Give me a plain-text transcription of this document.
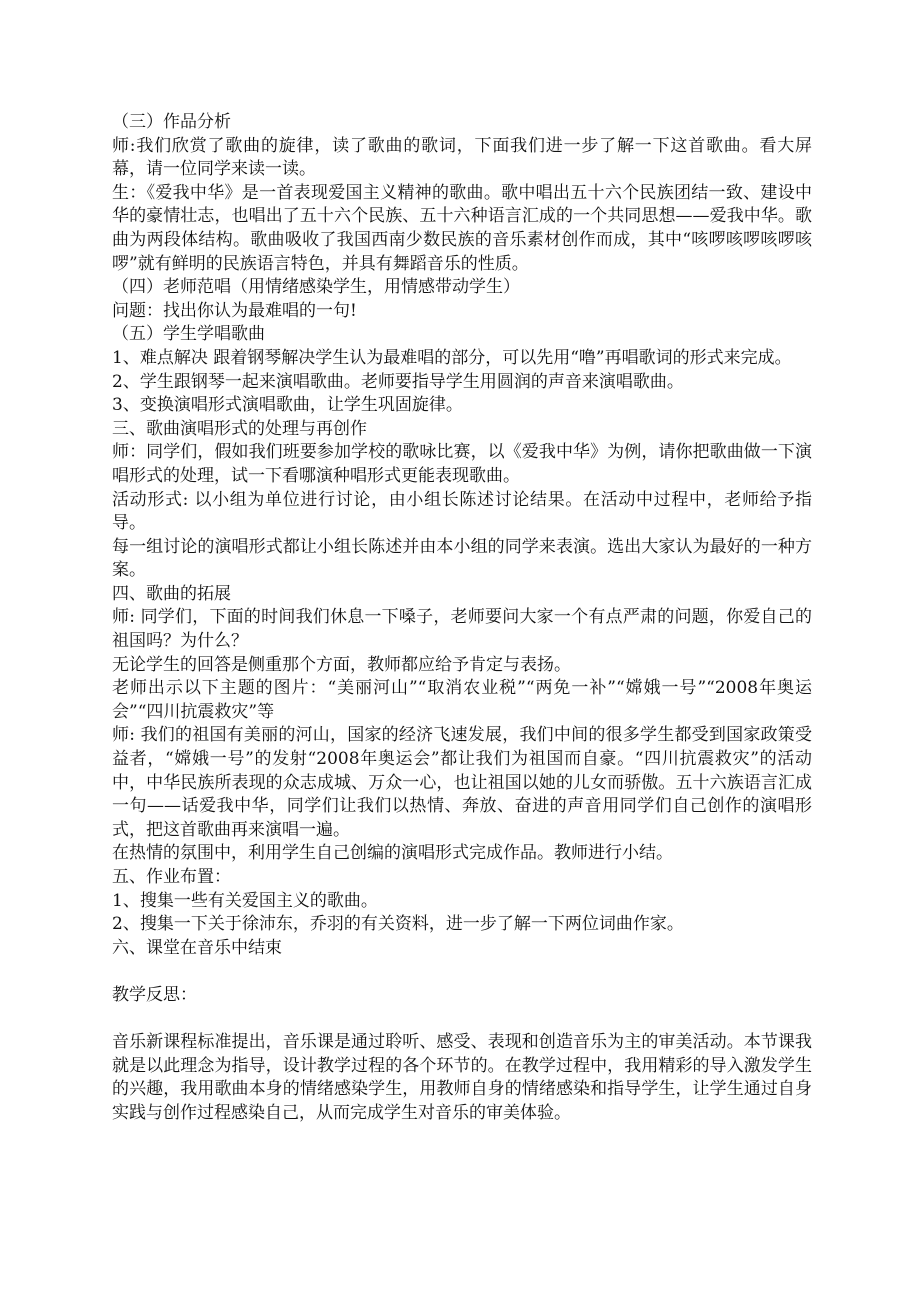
（三）作品分析

师:我们欣赏了歌曲的旋律，读了歌曲的歌词，下面我们进一步了解一下这首歌曲。看大屏幕，请一位同学来读一读。

生：《爱我中华》是一首表现爱国主义精神的歌曲。歌中唱出五十六个民族团结一致、建设中华的豪情壮志，也唱出了五十六个民族、五十六种语言汇成的一个共同思想——爱我中华。歌曲为两段体结构。歌曲吸收了我国西南少数民族的音乐素材创作而成，其中“咳啰咳啰咳啰咳啰”就有鲜明的民族语言特色，并具有舞蹈音乐的性质。

（四）老师范唱（用情绪感染学生，用情感带动学生）

问题：找出你认为最难唱的一句!

（五）学生学唱歌曲

1、难点解决 跟着钢琴解决学生认为最难唱的部分，可以先用“噜”再唱歌词的形式来完成。

2、学生跟钢琴一起来演唱歌曲。老师要指导学生用圆润的声音来演唱歌曲。

3、变换演唱形式演唱歌曲，让学生巩固旋律。

三、歌曲演唱形式的处理与再创作

师：同学们，假如我们班要参加学校的歌咏比赛，以《爱我中华》为例，请你把歌曲做一下演唱形式的处理，试一下看哪演种唱形式更能表现歌曲。

活动形式: 以小组为单位进行讨论，由小组长陈述讨论结果。在活动中过程中，老师给予指导。

每一组讨论的演唱形式都让小组长陈述并由本小组的同学来表演。选出大家认为最好的一种方案。

四、歌曲的拓展

师: 同学们，下面的时间我们休息一下嗓子，老师要问大家一个有点严肃的问题，你爱自己的祖国吗？为什么？

无论学生的回答是侧重那个方面，教师都应给予肯定与表扬。

老师出示以下主题的图片：“美丽河山”“取消农业税”“两免一补”“嫦娥一号”“2008年奥运会”“四川抗震救灾”等

师: 我们的祖国有美丽的河山，国家的经济飞速发展，我们中间的很多学生都受到国家政策受益者，“嫦娥一号”的发射“2008年奥运会”都让我们为祖国而自豪。“四川抗震救灾”的活动中，中华民族所表现的众志成城、万众一心，也让祖国以她的儿女而骄傲。五十六族语言汇成一句——话爱我中华，同学们让我们以热情、奔放、奋进的声音用同学们自己创作的演唱形式，把这首歌曲再来演唱一遍。

在热情的氛围中，利用学生自己创编的演唱形式完成作品。教师进行小结。

五、作业布置：

1、搜集一些有关爱国主义的歌曲。

2、搜集一下关于徐沛东，乔羽的有关资料，进一步了解一下两位词曲作家。

六、课堂在音乐中结束

教学反思：

音乐新课程标准提出，音乐课是通过聆听、感受、表现和创造音乐为主的审美活动。本节课我就是以此理念为指导，设计教学过程的各个环节的。在教学过程中，我用精彩的导入激发学生的兴趣，我用歌曲本身的情绪感染学生，用教师自身的情绪感染和指导学生，让学生通过自身实践与创作过程感染自己，从而完成学生对音乐的审美体验。
